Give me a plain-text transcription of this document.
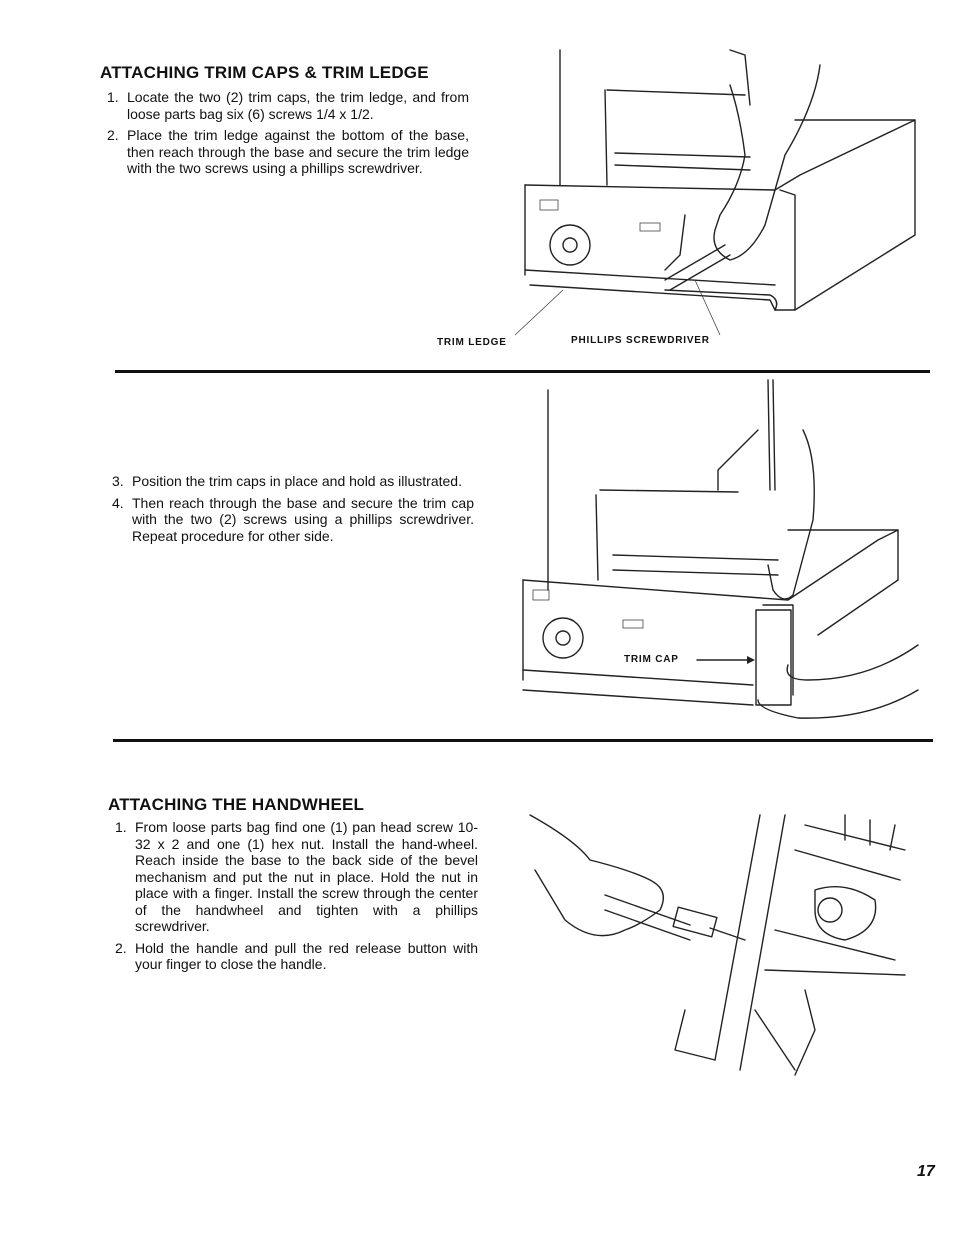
ATTACHING TRIM CAPS & TRIM LEDGE
1. Locate the two (2) trim caps, the trim ledge, and from loose parts bag six (6) screws 1/4 x 1/2.
2. Place the trim ledge against the bottom of the base, then reach through the base and secure the trim ledge with the two screws using a phillips screwdriver.
TRIM LEDGE	PHILLIPS SCREWDRIVER
3. Position the trim caps in place and hold as illustrated.
4. Then reach through the base and secure the trim cap with the two (2) screws using a phillips screwdriver. Repeat procedure for other side.
TRIM CAP
ATTACHING THE HANDWHEEL
1. From loose parts bag find one (1) pan head screw 10-32 x 2 and one (1) hex nut. Install the hand-wheel. Reach inside the base to the back side of the bevel mechanism and put the nut in place. Hold the nut in place with a finger. Install the screw through the center of the handwheel and tighten with a phillips screwdriver.
2. Hold the handle and pull the red release button with your finger to close the handle.
17
